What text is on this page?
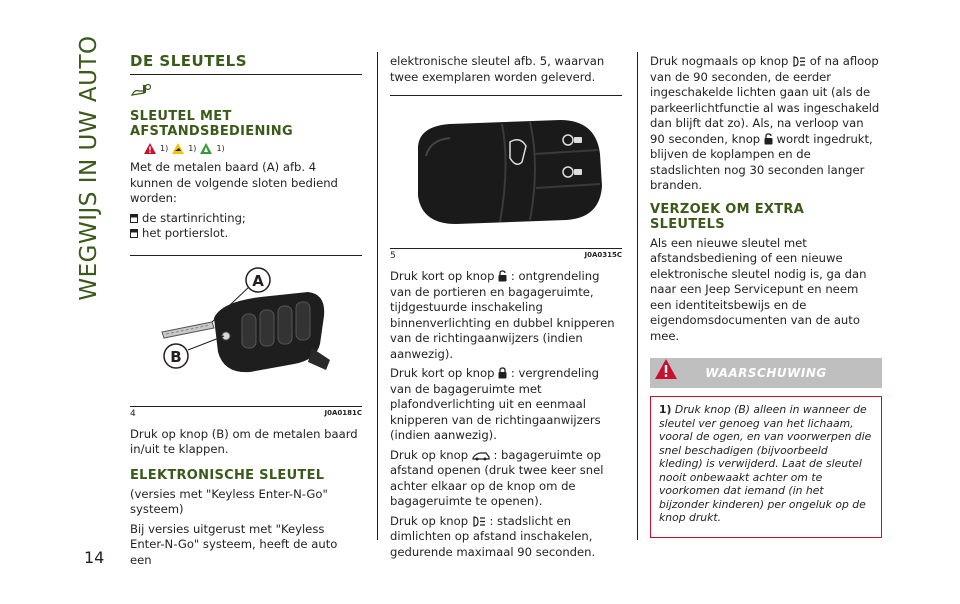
WEGWIJS IN UW AUTO
14
DE SLEUTELS
SLEUTEL MET AFSTANDSBEDIENING
1)	1)	1)

Met de metalen baard (A) afb. 4 kunnen de volgende sloten bediend worden:

de startinrichting;
het portierslot.
A
B
4	J0A0181C

Druk op knop (B) om de metalen baard in/uit te klappen.

ELEKTRONISCHE SLEUTEL

(versies met "Keyless Enter-N-Go" systeem)

Bij versies uitgerust met "Keyless Enter-N-Go" systeem, heeft de auto een

elektronische sleutel afb. 5, waarvan twee exemplaren worden geleverd.

5	J0A0315C

Druk kort op knop : ontgrendeling van de portieren en bagageruimte, tijdgestuurde inschakeling binnenverlichting en dubbel knipperen van de richtingaanwijzers (indien aanwezig).

Druk kort op knop : vergrendeling van de bagageruimte met plafondverlichting uit en eenmaal knipperen van de richtingaanwijzers (indien aanwezig).

Druk op knop : bagageruimte op afstand openen (druk twee keer snel achter elkaar op de knop om de bagageruimte te openen).

Druk op knop : stadslicht en dimlichten op afstand inschakelen, gedurende maximaal 90 seconden.

Druk nogmaals op knop  of na afloop van de 90 seconden, de eerder ingeschakelde lichten gaan uit (als de parkeerlichtfunctie al was ingeschakeld dan blijft dat zo). Als, na verloop van 90 seconden, knop  wordt ingedrukt, blijven de koplampen en de stadslichten nog 30 seconden langer branden.

VERZOEK OM EXTRA SLEUTELS

Als een nieuwe sleutel met afstandsbediening of een nieuwe elektronische sleutel nodig is, ga dan naar een Jeep Servicepunt en neem een identiteitsbewijs en de eigendomsdocumenten van de auto mee.

WAARSCHUWING

1) Druk knop (B) alleen in wanneer de sleutel ver genoeg van het lichaam, vooral de ogen, en van voorwerpen die snel beschadigen (bijvoorbeeld kleding) is verwijderd. Laat de sleutel nooit onbewaakt achter om te voorkomen dat iemand (in het bijzonder kinderen) per ongeluk op de knop drukt.
